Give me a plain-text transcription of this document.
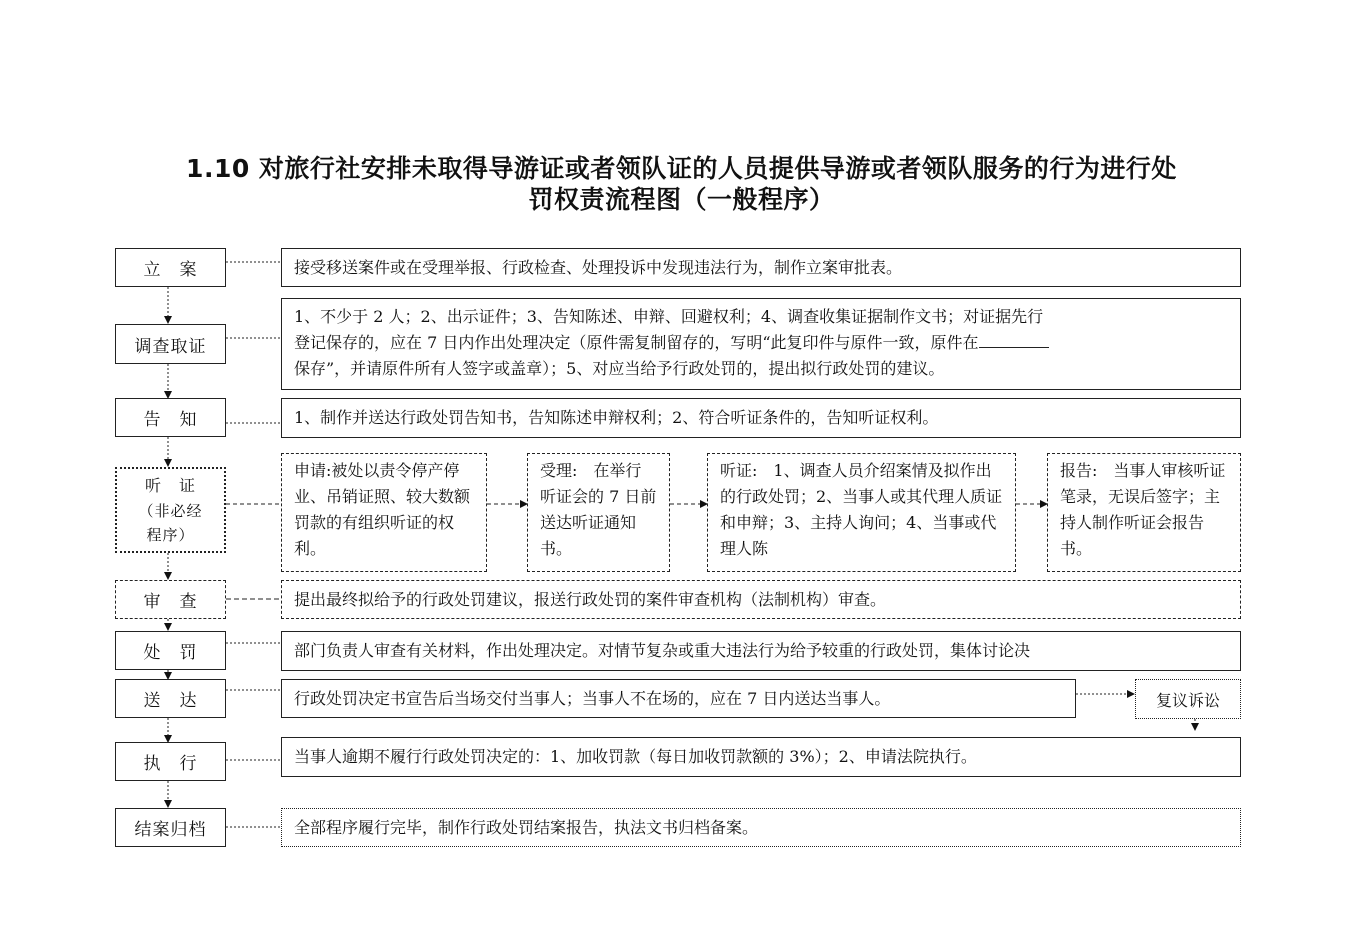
1.10 对旅行社安排未取得导游证或者领队证的人员提供导游或者领队服务的行为进行处
罚权责流程图（一般程序）
立　案
调查取证
告　知
听　证
（非必经
程序）
审　查
处　罚
送　达
执　行
结案归档
接受移送案件或在受理举报、行政检查、处理投诉中发现违法行为，制作立案审批表。
1、不少于 2 人；2、出示证件；3、告知陈述、申辩、回避权利；4、调查收集证据制作文书；对证据先行
登记保存的，应在 7 日内作出处理决定（原件需复制留存的，写明“此复印件与原件一致，原件在
保存”，并请原件所有人签字或盖章）；5、对应当给予行政处罚的，提出拟行政处罚的建议。
1、制作并送达行政处罚告知书，告知陈述申辩权利；2、符合听证条件的，告知听证权利。
申请:被处以责令停产停业、吊销证照、较大数额罚款的有组织听证的权利。
受理:　在举行听证会的 7 日前送达听证通知书。
听证:　1、调查人员介绍案情及拟作出的行政处罚；2、当事人或其代理人质证和申辩；3、主持人询问；4、当事或代理人陈
报告:　当事人审核听证笔录，无误后签字；主持人制作听证会报告书。
提出最终拟给予的行政处罚建议，报送行政处罚的案件审查机构（法制机构）审查。
部门负责人审查有关材料，作出处理决定。对情节复杂或重大违法行为给予较重的行政处罚，集体讨论决
行政处罚决定书宣告后当场交付当事人；当事人不在场的，应在 7 日内送达当事人。	复议诉讼
当事人逾期不履行行政处罚决定的：1、加收罚款（每日加收罚款额的 3%）；2、申请法院执行。
全部程序履行完毕，制作行政处罚结案报告，执法文书归档备案。
